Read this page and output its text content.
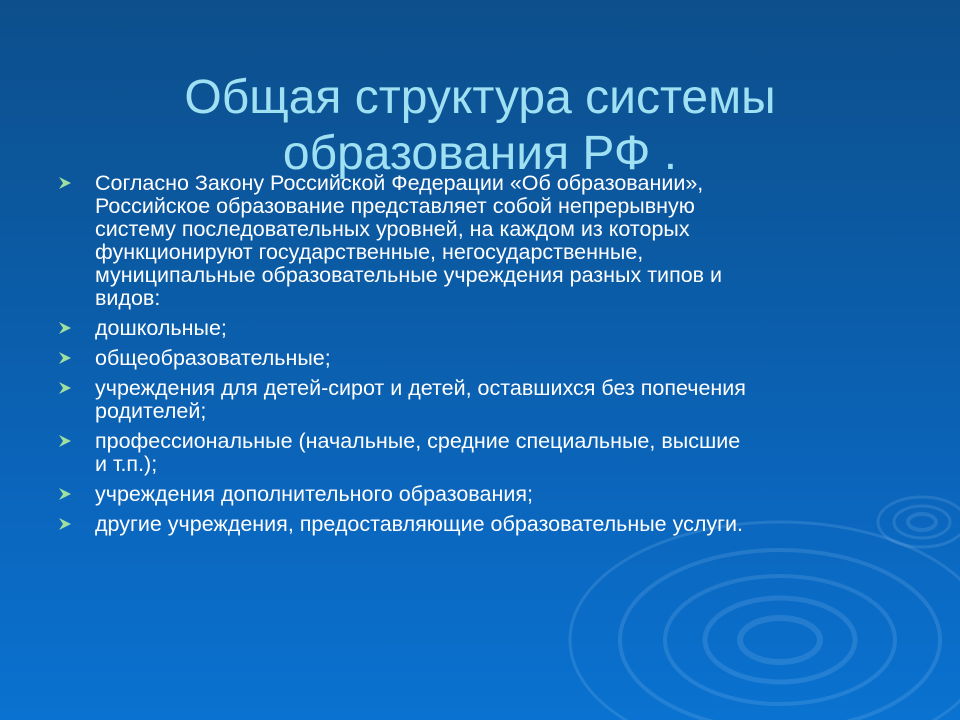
Общая структура системы
образования РФ .
Согласно Закону Российской Федерации «Об образовании»,
Российское образование представляет собой непрерывную
систему последовательных уровней, на каждом из которых
функционируют государственные, негосударственные,
муниципальные образовательные учреждения разных типов и
видов:
дошкольные;
общеобразовательные;
учреждения для детей-сирот и детей, оставшихся без попечения
родителей;
профессиональные (начальные, средние специальные, высшие
и т.п.);
учреждения дополнительного образования;
другие учреждения, предоставляющие образовательные услуги.
